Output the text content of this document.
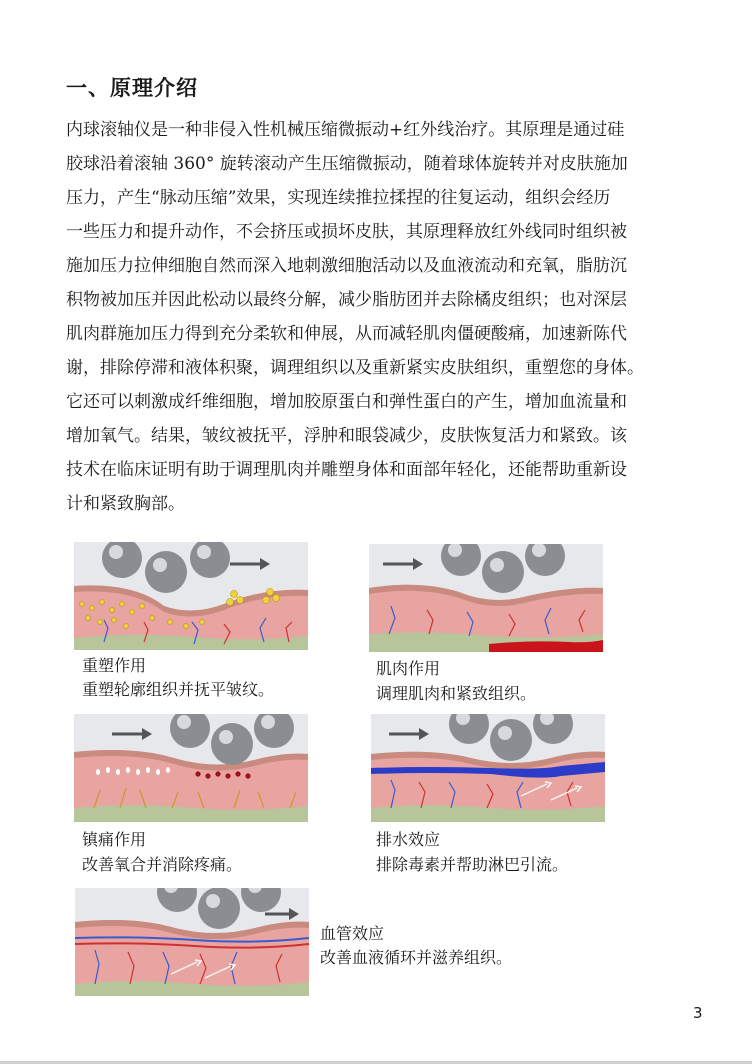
一、原理介绍
内球滚轴仪是一种非侵入性机械压缩微振动+红外线治疗。其原理是通过硅
胶球沿着滚轴 360° 旋转滚动产生压缩微振动，随着球体旋转并对皮肤施加
压力，产生“脉动压缩”效果，实现连续推拉揉捏的往复运动，组织会经历
一些压力和提升动作，不会挤压或损坏皮肤，其原理释放红外线同时组织被
施加压力拉伸细胞自然而深入地刺激细胞活动以及血液流动和充氧，脂肪沉
积物被加压并因此松动以最终分解，减少脂肪团并去除橘皮组织；也对深层
肌肉群施加压力得到充分柔软和伸展，从而减轻肌肉僵硬酸痛，加速新陈代
谢，排除停滞和液体积聚，调理组织以及重新紧实皮肤组织，重塑您的身体。
它还可以刺激成纤维细胞，增加胶原蛋白和弹性蛋白的产生，增加血流量和
增加氧气。结果，皱纹被抚平，浮肿和眼袋减少，皮肤恢复活力和紧致。该
技术在临床证明有助于调理肌肉并雕塑身体和面部年轻化，还能帮助重新设
计和紧致胸部。
重塑作用
重塑轮廓组织并抚平皱纹。
肌肉作用
调理肌肉和紧致组织。
镇痛作用
改善氧合并消除疼痛。
排水效应
排除毒素并帮助淋巴引流。
血管效应
改善血液循环并滋养组织。
3
